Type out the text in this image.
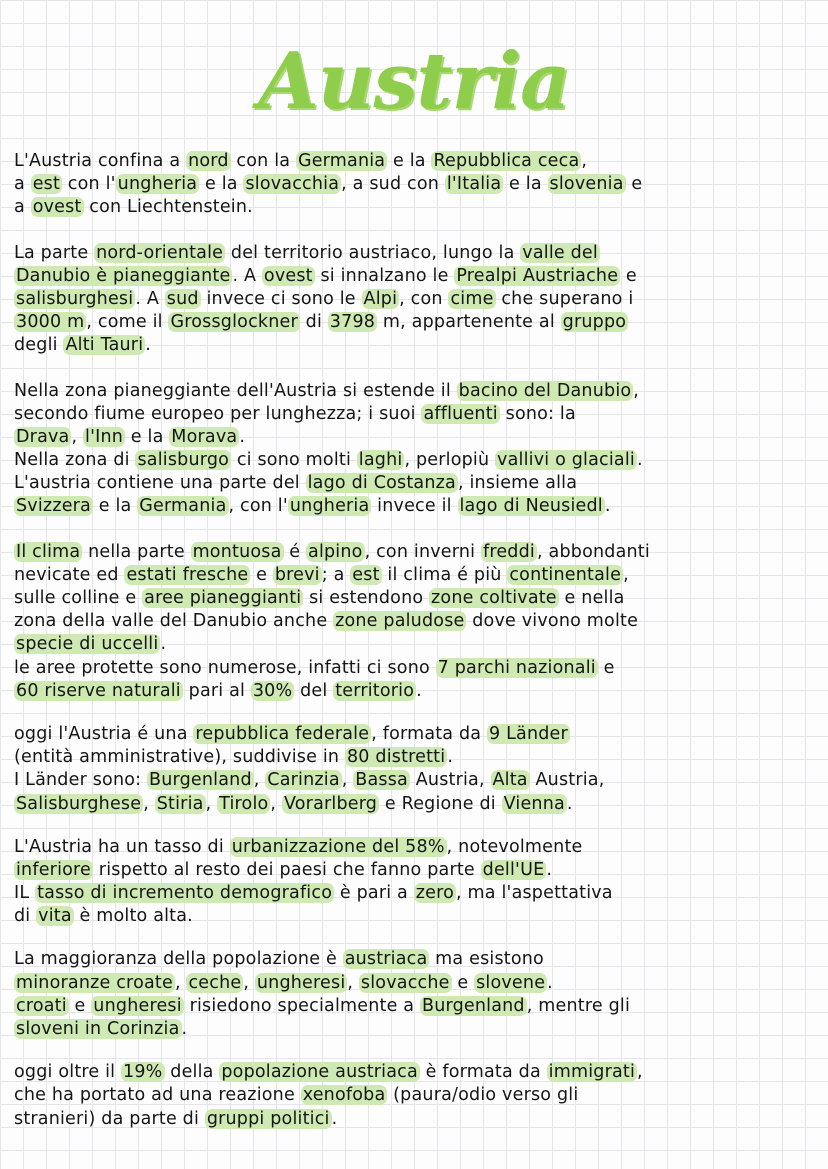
Austria
L'Austria confina a nord con la Germania e la Repubblica ceca ,
a est con l' ungheria e la slovacchia , a sud con l'Italia e la slovenia e
a ovest con Liechtenstein.
La parte nord-orientale del territorio austriaco, lungo la valle del
Danubio è pianeggiante . A ovest si innalzano le Prealpi Austriache e
salisburghesi . A sud invece ci sono le Alpi , con cime che superano i
3000 m , come il Grossglockner di 3798 m, appartenente al gruppo
degli Alti Tauri .
Nella zona pianeggiante dell'Austria si estende il bacino del Danubio ,
secondo fiume europeo per lunghezza; i suoi affluenti sono: la
Drava , l'Inn e la Morava .
Nella zona di salisburgo ci sono molti laghi , perlopiù vallivi o glaciali .
L'austria contiene una parte del lago di Costanza , insieme alla
Svizzera e la Germania , con l' ungheria invece il lago di Neusiedl .
Il clima nella parte montuosa é alpino , con inverni freddi , abbondanti
nevicate ed estati fresche e brevi ; a est il clima é più continentale ,
sulle colline e aree pianeggianti si estendono zone coltivate e nella
zona della valle del Danubio anche zone paludose dove vivono molte
specie di uccelli .
le aree protette sono numerose, infatti ci sono 7 parchi nazionali e
60 riserve naturali pari al 30% del territorio .
oggi l'Austria é una repubblica federale , formata da 9 Länder
(entità amministrative), suddivise in 80 distretti .
I Länder sono: Burgenland , Carinzia , Bassa Austria, Alta Austria,
Salisburghese , Stiria , Tirolo , Vorarlberg e Regione di Vienna .
L'Austria ha un tasso di urbanizzazione del 58% , notevolmente
inferiore rispetto al resto dei paesi che fanno parte dell'UE .
IL tasso di incremento demografico è pari a zero , ma l'aspettativa
di vita è molto alta.
La maggioranza della popolazione è austriaca ma esistono
minoranze croate , ceche , ungheresi , slovacche e slovene .
croati e ungheresi risiedono specialmente a Burgenland , mentre gli
sloveni in Corinzia .
oggi oltre il 19% della popolazione austriaca è formata da immigrati ,
che ha portato ad una reazione xenofoba (paura/odio verso gli
stranieri) da parte di gruppi politici .
